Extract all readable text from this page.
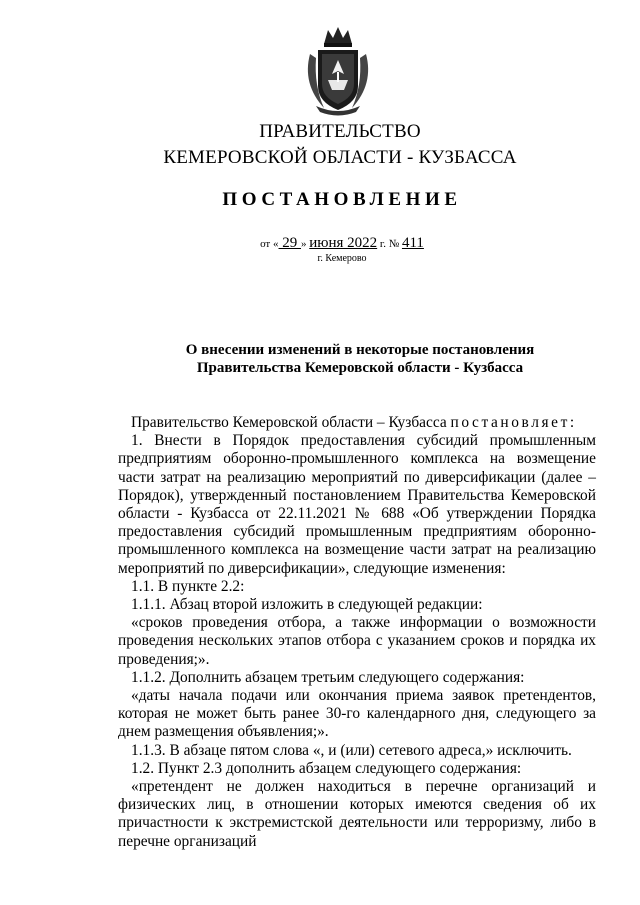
ПРАВИТЕЛЬСТВО
КЕМЕРОВСКОЙ ОБЛАСТИ - КУЗБАССА
ПОСТАНОВЛЕНИЕ
от « 29 » июня 2022 г. № 411
г. Кемерово
О внесении изменений в некоторые постановления
Правительства Кемеровской области - Кузбасса

Правительство Кемеровской области – Кузбасса постановляет:

1. Внести в Порядок предоставления субсидий промышленным предприятиям оборонно-промышленного комплекса на возмещение части затрат на реализацию мероприятий по диверсификации (далее – Порядок), утвержденный постановлением Правительства Кемеровской области - Кузбасса от 22.11.2021 № 688 «Об утверждении Порядка предоставления субсидий промышленным предприятиям оборонно-промышленного комплекса на возмещение части затрат на реализацию мероприятий по диверсификации», следующие изменения:

1.1. В пункте 2.2:

1.1.1. Абзац второй изложить в следующей редакции:

«сроков проведения отбора, а также информации о возможности проведения нескольких этапов отбора с указанием сроков и порядка их проведения;».

1.1.2. Дополнить абзацем третьим следующего содержания:

«даты начала подачи или окончания приема заявок претендентов, которая не может быть ранее 30-го календарного дня, следующего за днем размещения объявления;».

1.1.3. В абзаце пятом слова «, и (или) сетевого адреса,» исключить.

1.2. Пункт 2.3 дополнить абзацем следующего содержания:

«претендент не должен находиться в перечне организаций и физических лиц, в отношении которых имеются сведения об их причастности к экстремистской деятельности или терроризму, либо в перечне организаций
